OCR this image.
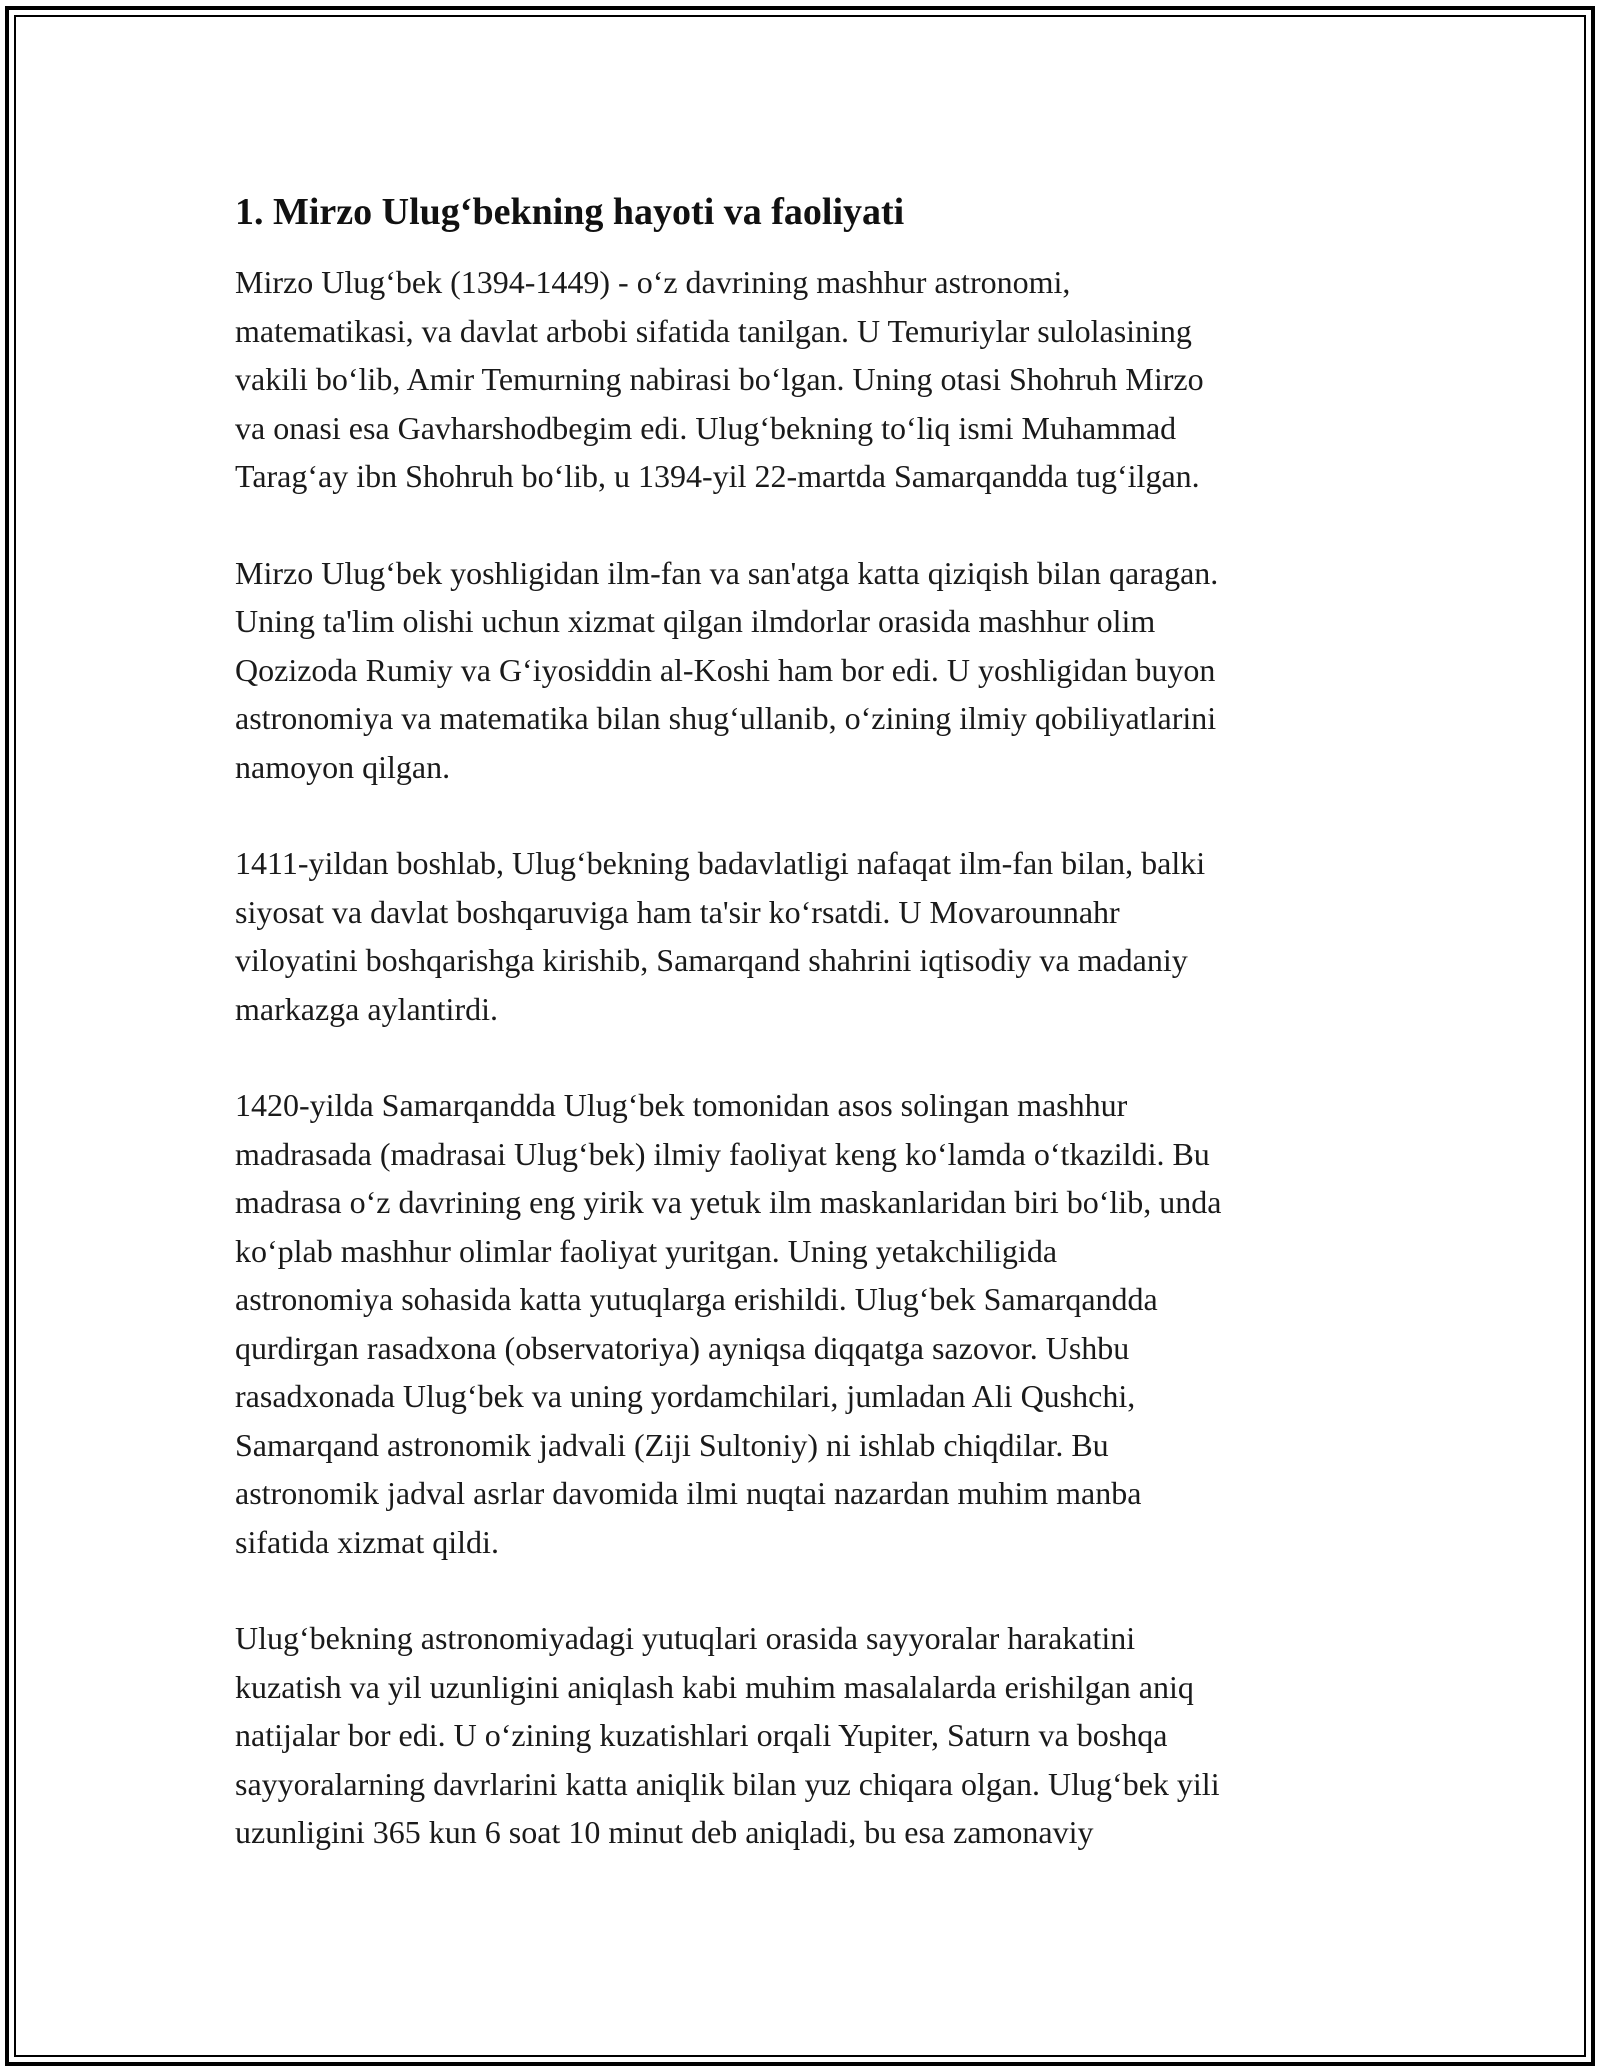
1. Mirzo Ulug‘bekning hayoti va faoliyati

Mirzo Ulug‘bek (1394-1449) - o‘z davrining mashhur astronomi,
matematikasi, va davlat arbobi sifatida tanilgan. U Temuriylar sulolasining
vakili bo‘lib, Amir Temurning nabirasi bo‘lgan. Uning otasi Shohruh Mirzo
va onasi esa Gavharshodbegim edi. Ulug‘bekning to‘liq ismi Muhammad
Tarag‘ay ibn Shohruh bo‘lib, u 1394-yil 22-martda Samarqandda tug‘ilgan.

Mirzo Ulug‘bek yoshligidan ilm-fan va san'atga katta qiziqish bilan qaragan.
Uning ta'lim olishi uchun xizmat qilgan ilmdorlar orasida mashhur olim
Qozizoda Rumiy va G‘iyosiddin al-Koshi ham bor edi. U yoshligidan buyon
astronomiya va matematika bilan shug‘ullanib, o‘zining ilmiy qobiliyatlarini
namoyon qilgan.

1411-yildan boshlab, Ulug‘bekning badavlatligi nafaqat ilm-fan bilan, balki
siyosat va davlat boshqaruviga ham ta'sir ko‘rsatdi. U Movarounnahr
viloyatini boshqarishga kirishib, Samarqand shahrini iqtisodiy va madaniy
markazga aylantirdi.

1420-yilda Samarqandda Ulug‘bek tomonidan asos solingan mashhur
madrasada (madrasai Ulug‘bek) ilmiy faoliyat keng ko‘lamda o‘tkazildi. Bu
madrasa o‘z davrining eng yirik va yetuk ilm maskanlaridan biri bo‘lib, unda
ko‘plab mashhur olimlar faoliyat yuritgan. Uning yetakchiligida
astronomiya sohasida katta yutuqlarga erishildi. Ulug‘bek Samarqandda
qurdirgan rasadxona (observatoriya) ayniqsa diqqatga sazovor. Ushbu
rasadxonada Ulug‘bek va uning yordamchilari, jumladan Ali Qushchi,
Samarqand astronomik jadvali (Ziji Sultoniy) ni ishlab chiqdilar. Bu
astronomik jadval asrlar davomida ilmi nuqtai nazardan muhim manba
sifatida xizmat qildi.

Ulug‘bekning astronomiyadagi yutuqlari orasida sayyoralar harakatini
kuzatish va yil uzunligini aniqlash kabi muhim masalalarda erishilgan aniq
natijalar bor edi. U o‘zining kuzatishlari orqali Yupiter, Saturn va boshqa
sayyoralarning davrlarini katta aniqlik bilan yuz chiqara olgan. Ulug‘bek yili
uzunligini 365 kun 6 soat 10 minut deb aniqladi, bu esa zamonaviy
